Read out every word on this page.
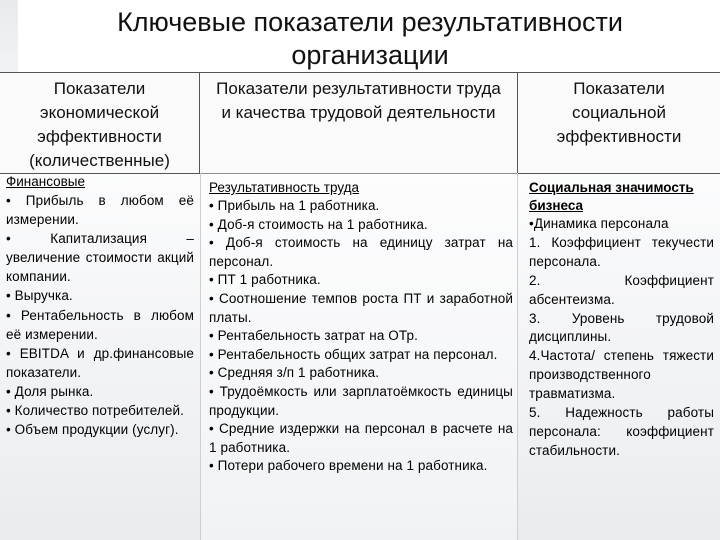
Ключевые показатели результативности организации
Показатели экономической эффективности (количественные)
Показатели результативности труда и качества трудовой деятельности
Показатели социальной эффективности
Финансовые
• Прибыль в любом её измерении.
• Капитализация – увеличение стоимости акций компании.
• Выручка.
• Рентабельность в любом её измерении.
• EBITDA и др.финансовые показатели.
• Доля рынка.
• Количество потребителей.
• Объем продукции (услуг).
Результативность труда
• Прибыль на 1 работника.
• Доб-я стоимость на 1 работника.
• Доб-я стоимость на единицу затрат на персонал.
• ПТ 1 работника.
• Соотношение темпов роста ПТ и заработной платы.
• Рентабельность затрат на ОТр.
• Рентабельность общих затрат на персонал.
• Средняя з/п 1 работника.
• Трудоёмкость или зарплатоёмкость единицы продукции.
• Средние издержки на персонал в расчете на 1 работника.
• Потери рабочего времени на 1 работника.
Социальная значимость бизнеса
•Динамика персонала
1. Коэффициент текучести персонала.
2. Коэффициент абсентеизма.
3. Уровень трудовой дисциплины.
4.Частота/ степень тяжести производственного травматизма.
5. Надежность работы персонала: коэффициент стабильности.
